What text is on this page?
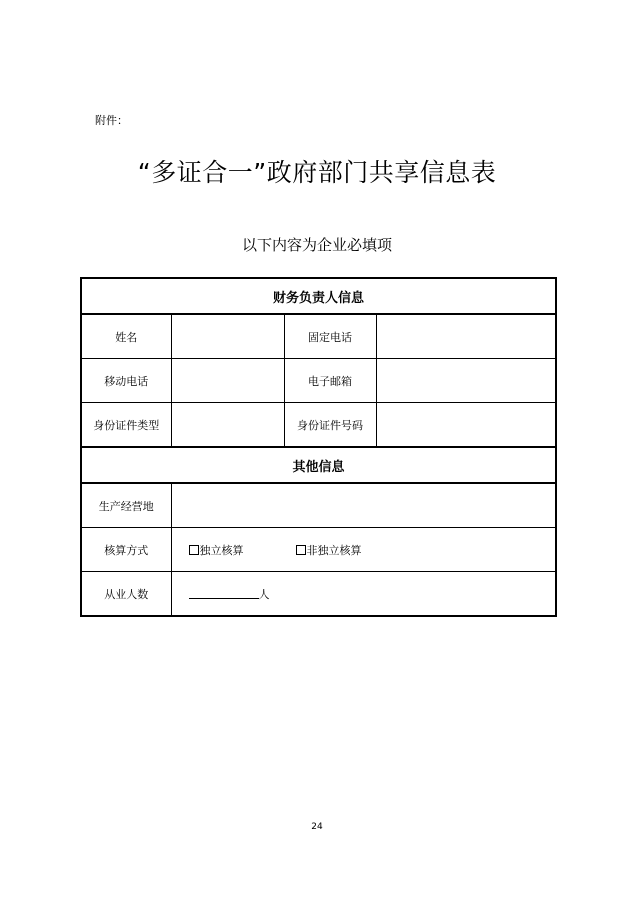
附件：
“多证合一”政府部门共享信息表
以下内容为企业必填项
财务负责人信息			
姓名		固定电话	
移动电话		电子邮箱	
身份证件类型		身份证件号码	
其他信息			
生产经营地			
核算方式	独立核算 非独立核算		
从业人数	人		
24
